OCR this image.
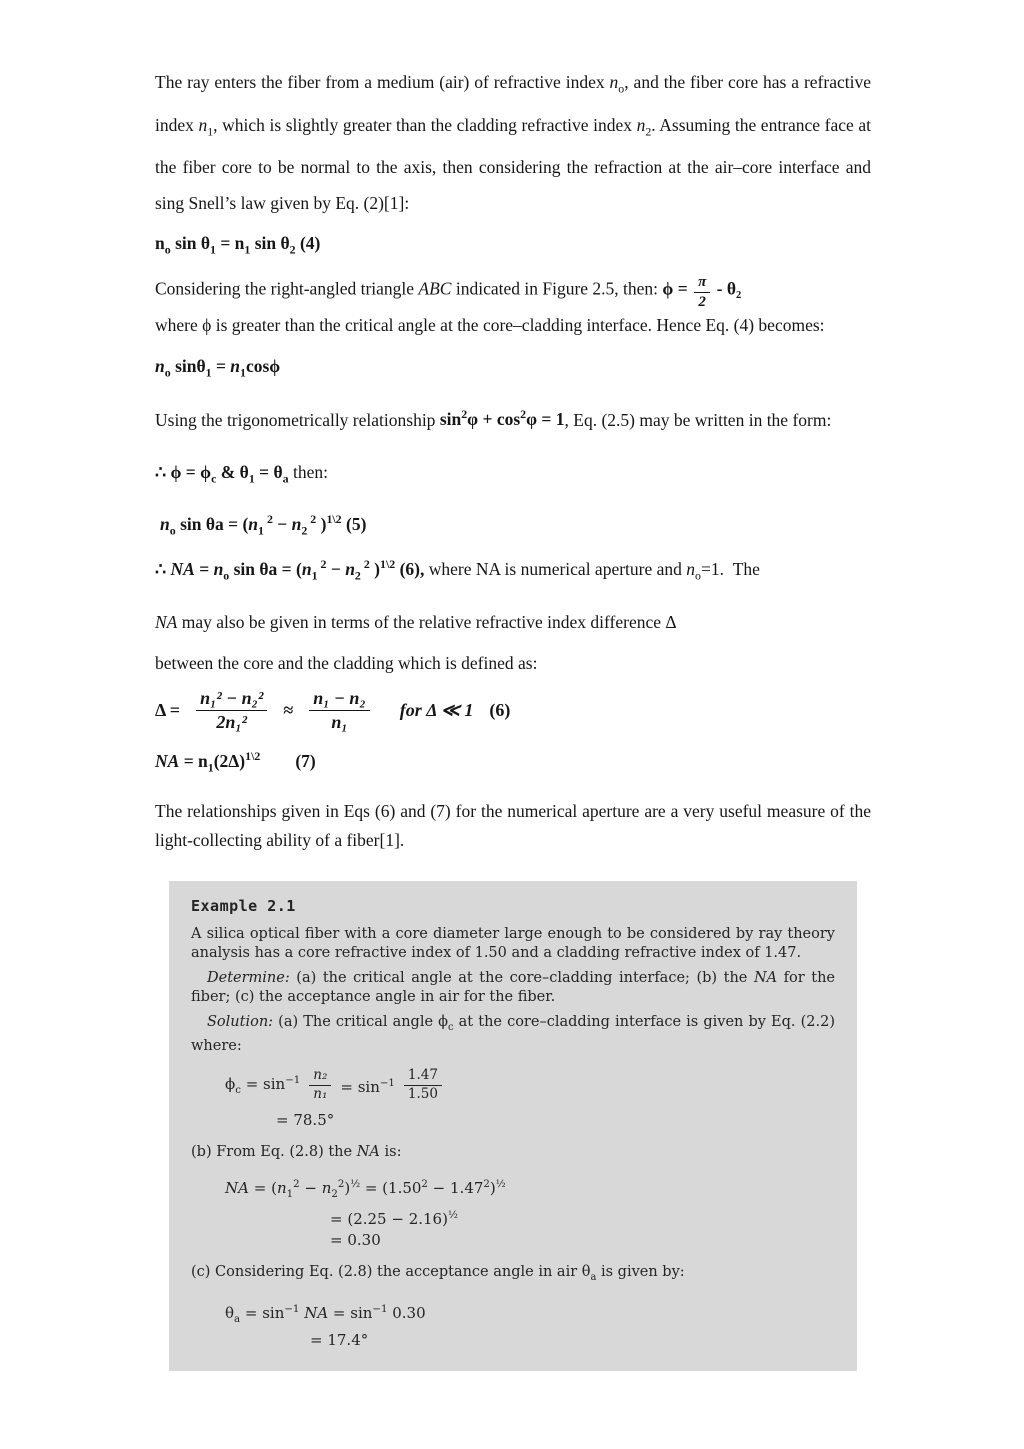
The ray enters the fiber from a medium (air) of refractive index $n_o$, and the fiber core has a refractive index $n_1$, which is slightly greater than the cladding refractive index $n_2$. Assuming the entrance face at the fiber core to be normal to the axis, then considering the refraction at the air–core interface and sing Snell’s law given by Eq. (2)[1]:

$n_o$ $\sin \theta_1 = n_1$ $\sin \theta_2$ (4)

Considering the right-angled triangle ABC indicated in Figure 2.5, then: $\phi = \frac{\pi}{2} - \theta_2$
where ϕ is greater than the critical angle at the core–cladding interface. Hence Eq. (4) becomes:

$n_o$ $\sin\theta_1 = n_1\cos\phi$

Using the trigonometrically relationship $\sin^2\varphi + \cos^2\varphi = 1$, Eq. (2.5) may be written in the form:

∴ $\phi = \phi_c$ & $\theta_1 = \theta_a$ then:

$n_o$ $\sin \theta a = (n_1$ $^2 - n_2$ $^2$ )$^{1\backslash 2}$ (5)

∴ NA = $n_o$ $\sin \theta a = (n_1$ $^2 - n_2$ $^2$ )$^{1\backslash 2}$ (6), where NA is numerical aperture and $n_o=1$.  The

NA may also be given in terms of the relative refractive index difference Δ

between the core and the cladding which is defined as:

$\Delta = \frac{\text{n₁² − n₂²}}{\text{2n₁²}} \approx \frac{\text{n₁ − n₂}}{\text{n₁}}$ for Δ ≪ 1 (6)

NA = $n_1(2\Delta)^{1\backslash 2}$ (7)

The relationships given in Eqs (6) and (7) for the numerical aperture are a very useful measure of the light-collecting ability of a fiber[1].

Example 2.1

A silica optical fiber with a core diameter large enough to be considered by ray theory analysis has a core refractive index of 1.50 and a cladding refractive index of 1.47.

Determine: (a) the critical angle at the core–cladding interface; (b) the NA for the fiber; (c) the acceptance angle in air for the fiber.

Solution: (a) The critical angle $\phi_c$ at the core–cladding interface is given by Eq. (2.2) where:

$\phi_c = \sin^{-1} \frac{\text{n₂}}{\text{n₁}} = \sin^{-1} \frac{1.47}{1.50}$
= 78.5°

(b) From Eq. (2.8) the NA is:

NA = $(n_1^2 - n_2^2)^{\frac{1}{2}} = (1.50^2 - 1.47^2)^{\frac{1}{2}}$
= $(2.25 - 2.16)^{\frac{1}{2}}$
= 0.30

(c) Considering Eq. (2.8) the acceptance angle in air $\theta_a$ is given by:

$\theta_a = \sin^{-1}$ NA = $\sin^{-1} 0.30$
= 17.4°
